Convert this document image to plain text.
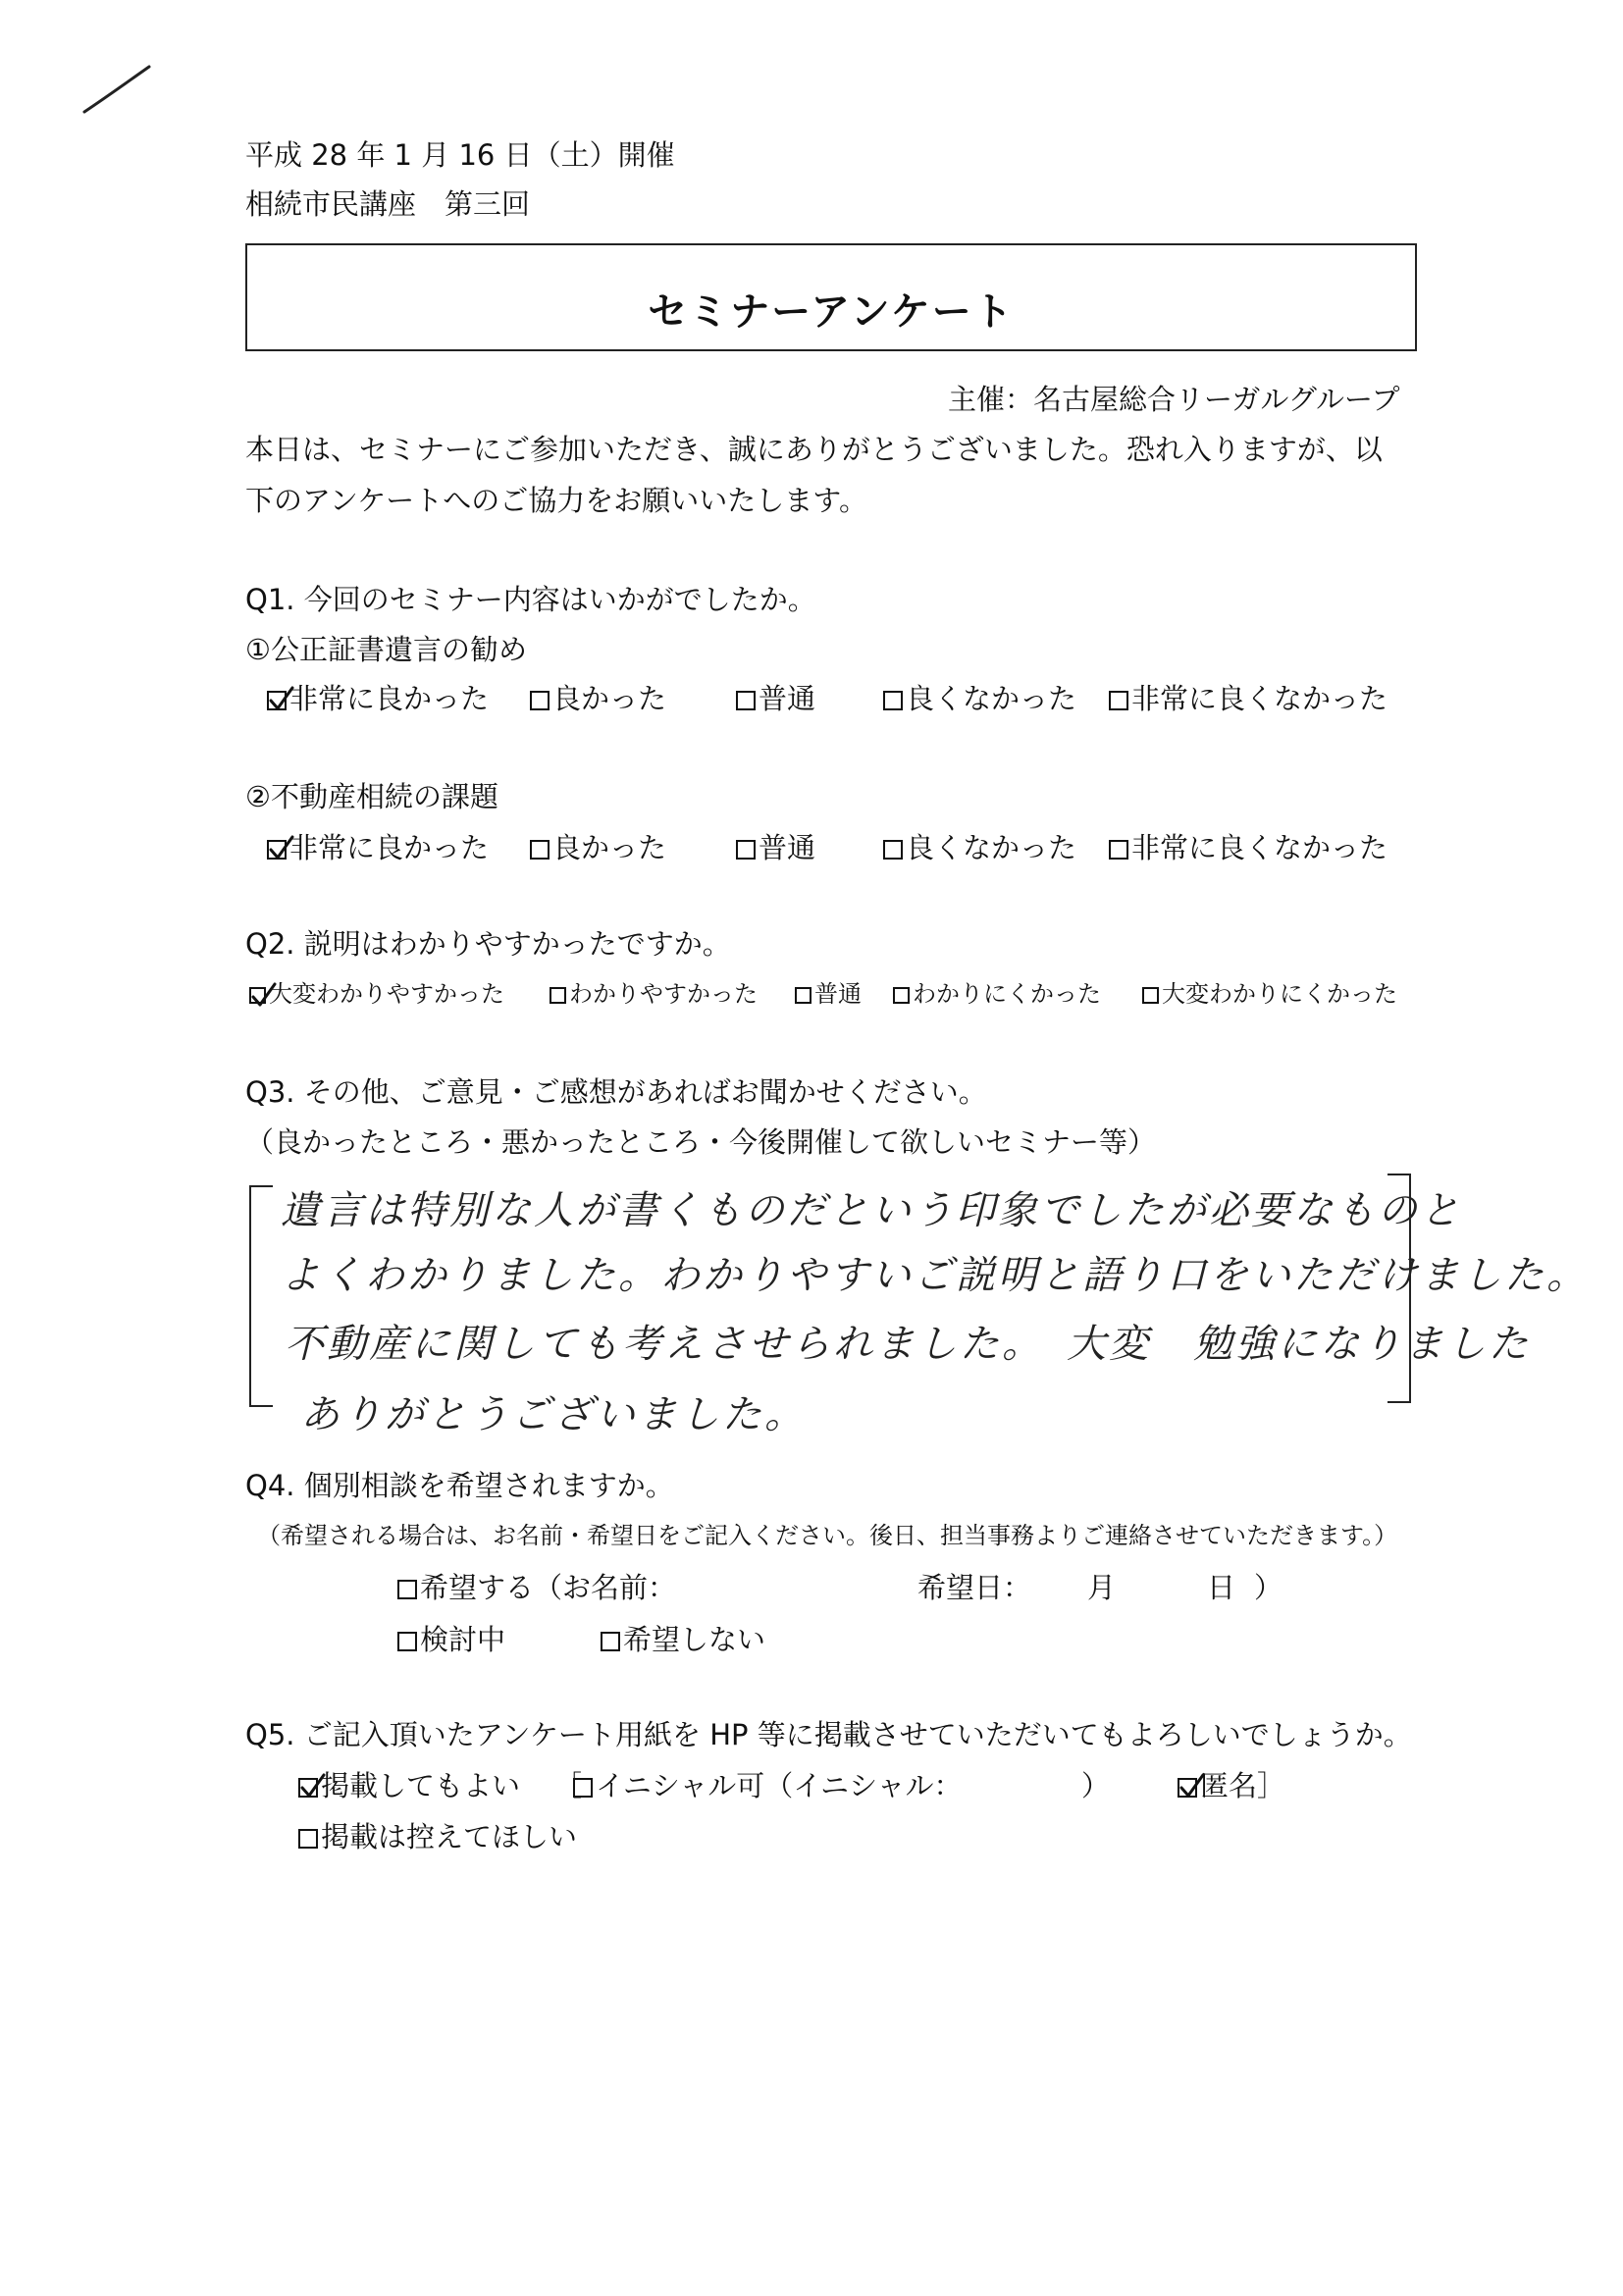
平成 28 年 1 月 16 日（土）開催
相続市民講座　第三回
セミナーアンケート
主催：名古屋総合リーガルグループ
本日は、セミナーにご参加いただき、誠にありがとうございました。恐れ入りますが、以
下のアンケートへのご協力をお願いいたします。
Q1. 今回のセミナー内容はいかがでしたか。
①公正証書遺言の勧め
非常に良かった	良かった	普通	良くなかった	非常に良くなかった
②不動産相続の課題
非常に良かった	良かった	普通	良くなかった	非常に良くなかった
Q2. 説明はわかりやすかったですか。
大変わかりやすかった	わかりやすかった	普通	わかりにくかった	大変わかりにくかった
Q3. その他、ご意見・ご感想があればお聞かせください。
（良かったところ・悪かったところ・今後開催して欲しいセミナー等）
遺言は特別な人が書くものだという印象でしたが必要なものと
よくわかりました。わかりやすいご説明と語り口をいただけました。
不動産に関しても考えさせられました。　大変　勉強になりました
ありがとうございました。
Q4. 個別相談を希望されますか。
（希望される場合は、お名前・希望日をご記入ください。後日、担当事務よりご連絡させていただきます。）
希望する（お名前：	希望日： 月	日 ）
検討中	希望しない
Q5. ご記入頂いたアンケート用紙を HP 等に掲載させていただいてもよろしいでしょうか。
掲載してもよい ［ イニシャル可（イニシャル：	）	匿名］
掲載は控えてほしい
